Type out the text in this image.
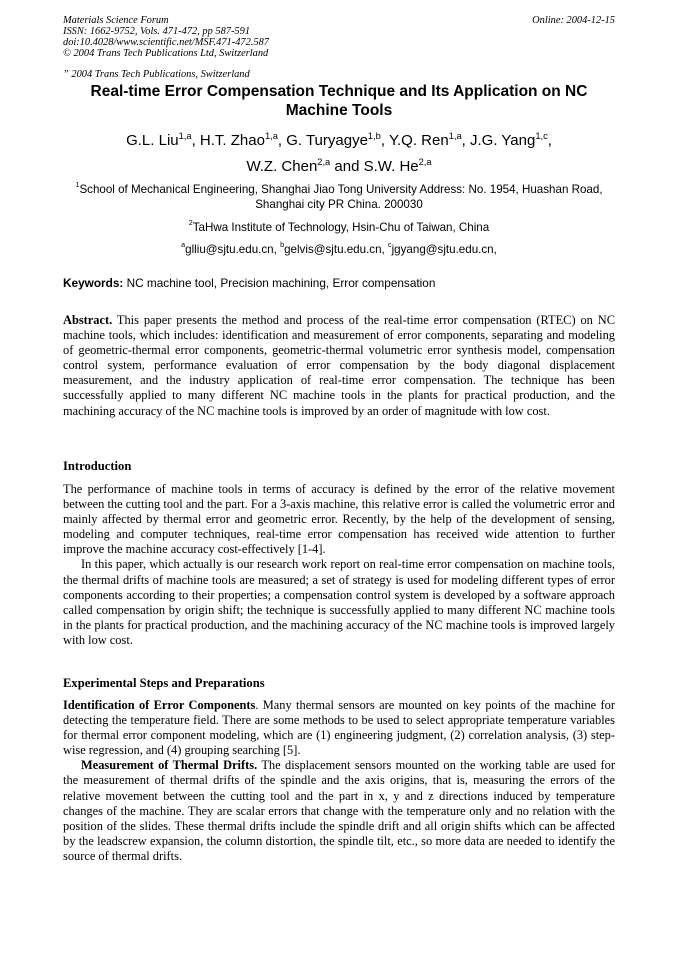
Materials Science Forum
ISSN: 1662-9752, Vols. 471-472, pp 587-591
doi:10.4028/www.scientific.net/MSF.471-472.587
© 2004 Trans Tech Publications Ltd, Switzerland
Online: 2004-12-15
” 2004 Trans Tech Publications, Switzerland
Real-time Error Compensation Technique and Its Application on NC Machine Tools
G.L. Liu$^{1,a}$, H.T. Zhao$^{1,a}$, G. Turyagye$^{1,b}$, Y.Q. Ren$^{1,a}$, J.G. Yang$^{1,c}$,
W.Z. Chen$^{2,a}$ and S.W. He$^{2,a}$
$^1$School of Mechanical Engineering, Shanghai Jiao Tong University Address: No. 1954, Huashan Road, Shanghai city PR China. 200030
$^2$TaHwa Institute of Technology, Hsin-Chu of Taiwan, China
$^a$glliu@sjtu.edu.cn, $^b$gelvis@sjtu.edu.cn, $^c$jgyang@sjtu.edu.cn,
Keywords: NC machine tool, Precision machining, Error compensation

Abstract. This paper presents the method and process of the real-time error compensation (RTEC) on NC machine tools, which includes: identification and measurement of error components, separating and modeling of geometric-thermal error components, geometric-thermal volumetric error synthesis model, compensation control system, performance evaluation of error compensation by the body diagonal displacement measurement, and the industry application of real-time error compensation. The technique has been successfully applied to many different NC machine tools in the plants for practical production, and the machining accuracy of the NC machine tools is improved by an order of magnitude with low cost.

Introduction

The performance of machine tools in terms of accuracy is defined by the error of the relative movement between the cutting tool and the part. For a 3-axis machine, this relative error is called the volumetric error and mainly affected by thermal error and geometric error. Recently, by the help of the development of sensing, modeling and computer techniques, real-time error compensation has received wide attention to further improve the machine accuracy cost-effectively [1-4].

In this paper, which actually is our research work report on real-time error compensation on machine tools, the thermal drifts of machine tools are measured; a set of strategy is used for modeling different types of error components according to their properties; a compensation control system is developed by a software approach called compensation by origin shift; the technique is successfully applied to many different NC machine tools in the plants for practical production, and the machining accuracy of the NC machine tools is improved largely with low cost.

Experimental Steps and Preparations

Identification of Error Components. Many thermal sensors are mounted on key points of the machine for detecting the temperature field. There are some methods to be used to select appropriate temperature variables for thermal error component modeling, which are (1) engineering judgment, (2) correlation analysis, (3) step-wise regression, and (4) grouping searching [5].

Measurement of Thermal Drifts. The displacement sensors mounted on the working table are used for the measurement of thermal drifts of the spindle and the axis origins, that is, measuring the errors of the relative movement between the cutting tool and the part in x, y and z directions induced by temperature changes of the machine. They are scalar errors that change with the temperature only and no relation with the position of the slides. These thermal drifts include the spindle drift and all origin shifts which can be affected by the leadscrew expansion, the column distortion, the spindle tilt, etc., so more data are needed to identify the source of thermal drifts.
